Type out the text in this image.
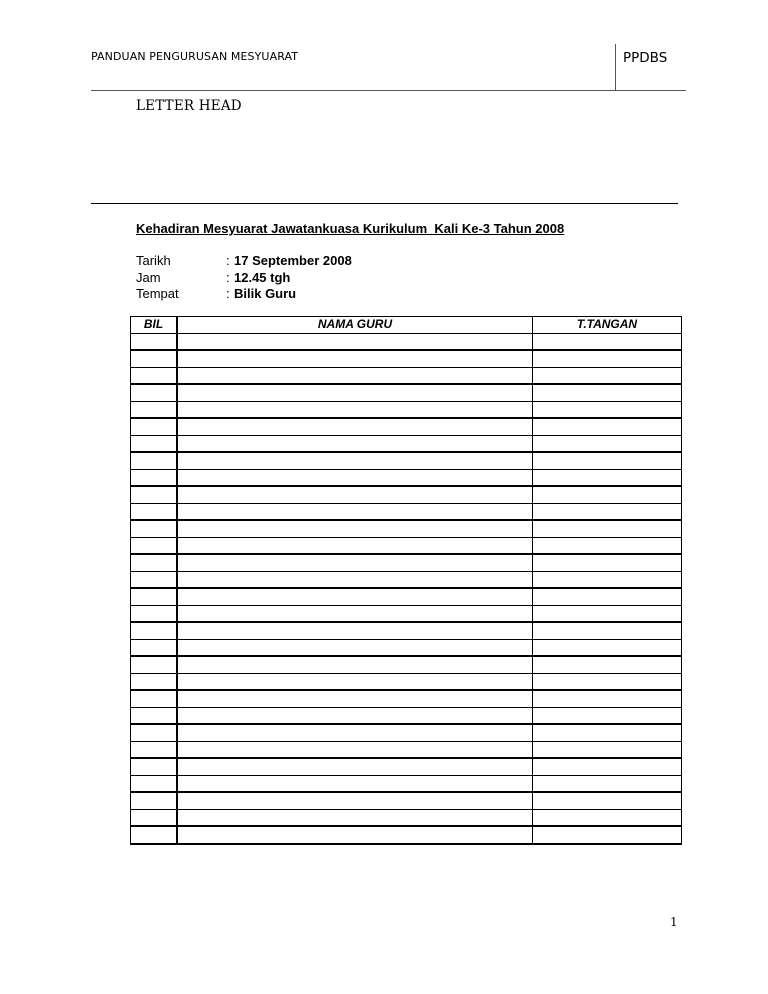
PANDUAN PENGURUSAN MESYUARAT	PPDBS
LETTER HEAD
Kehadiran Mesyuarat Jawatankuasa Kurikulum  Kali Ke-3 Tahun 2008
Tarikh	: 17 September 2008
Jam	: 12.45 tgh
Tempat	: Bilik Guru
BIL	NAMA GURU	T.TANGAN

1
